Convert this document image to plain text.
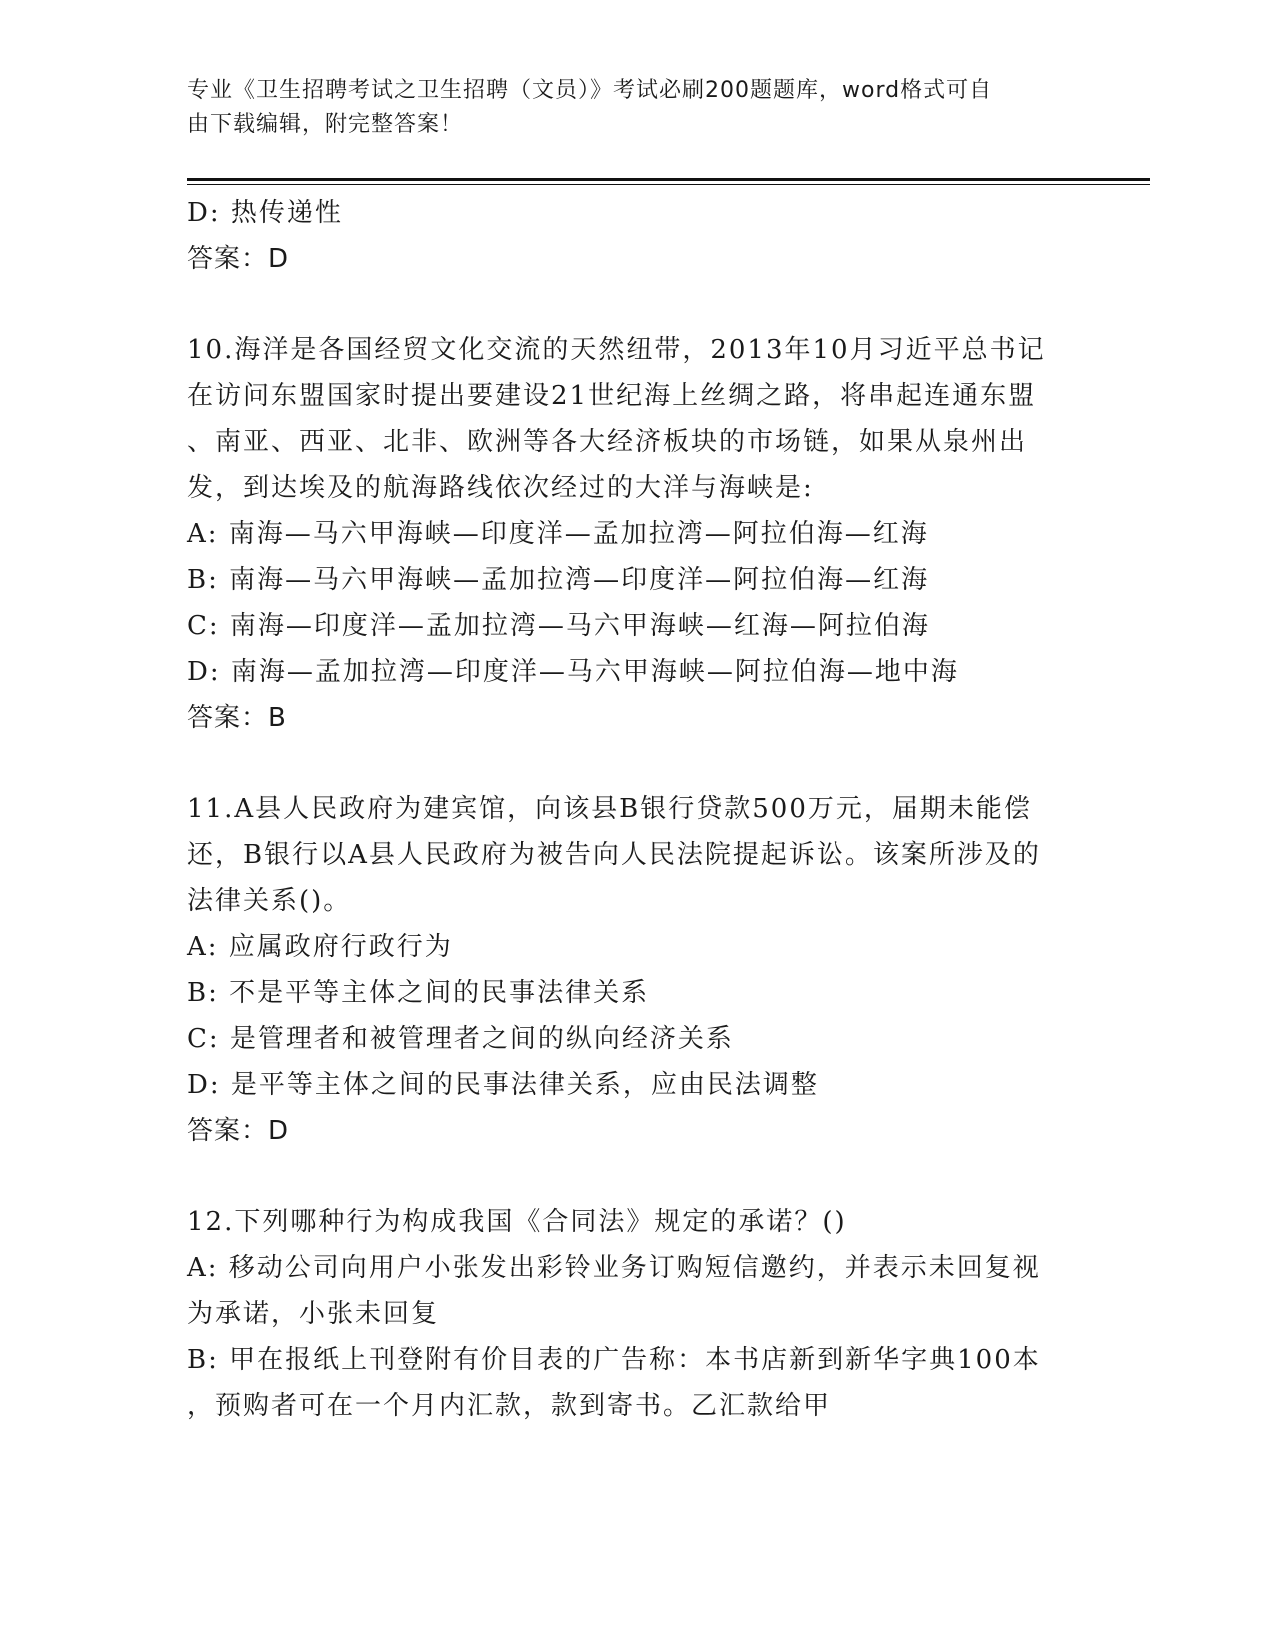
专业《卫生招聘考试之卫生招聘（文员）》考试必刷200题题库，word格式可自
由下载编辑，附完整答案！
D: 热传递性
答案：D
10.海洋是各国经贸文化交流的天然纽带，2013年10月习近平总书记
在访问东盟国家时提出要建设21世纪海上丝绸之路，将串起连通东盟
、南亚、西亚、北非、欧洲等各大经济板块的市场链，如果从泉州出
发，到达埃及的航海路线依次经过的大洋与海峡是:
A: 南海—马六甲海峡—印度洋—孟加拉湾—阿拉伯海—红海
B: 南海—马六甲海峡—孟加拉湾—印度洋—阿拉伯海—红海
C: 南海—印度洋—孟加拉湾—马六甲海峡—红海—阿拉伯海
D: 南海—孟加拉湾—印度洋—马六甲海峡—阿拉伯海—地中海
答案：B
11.A县人民政府为建宾馆，向该县B银行贷款500万元，届期未能偿
还，B银行以A县人民政府为被告向人民法院提起诉讼。该案所涉及的
法律关系()。
A: 应属政府行政行为
B: 不是平等主体之间的民事法律关系
C: 是管理者和被管理者之间的纵向经济关系
D: 是平等主体之间的民事法律关系，应由民法调整
答案：D
12.下列哪种行为构成我国《合同法》规定的承诺？()
A: 移动公司向用户小张发出彩铃业务订购短信邀约，并表示未回复视
为承诺，小张未回复
B: 甲在报纸上刊登附有价目表的广告称：本书店新到新华字典100本
，预购者可在一个月内汇款，款到寄书。乙汇款给甲
